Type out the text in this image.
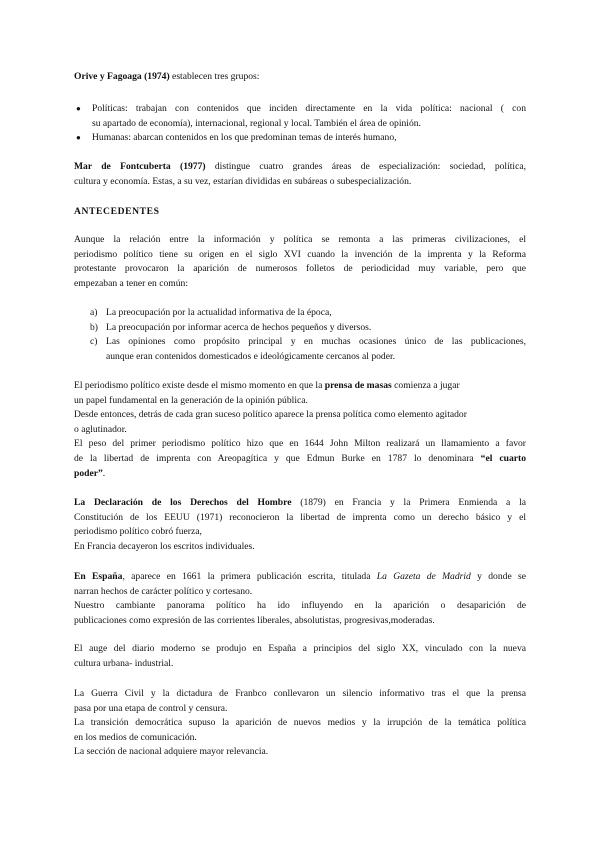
Orive y Fagoaga (1974) establecen tres grupos:
● Políticas: trabajan con contenidos que inciden directamente en la vida política: nacional ( con
su apartado de economía), internacional, regional y local. También el área de opinión.
● Humanas: abarcan contenidos en los que predominan temas de interés humano,
Mar de Fontcuberta (1977) distingue cuatro grandes áreas de especialización: sociedad, política,
cultura y economía. Estas, a su vez, estarían divididas en subáreas o subespecialización.
ANTECEDENTES
Aunque la relación entre la información y política se remonta a las primeras civilizaciones, el
periodismo político tiene su origen en el siglo XVI cuando la invención de la imprenta y la Reforma
protestante provocaron la aparición de numerosos folletos de periodicidad muy variable, pero que
empezaban a tener en común:
a) La preocupación por la actualidad informativa de la época,
b) La preocupación por informar acerca de hechos pequeños y diversos.
c) Las opiniones como propósito principal y en muchas ocasiones único de las publicaciones,
aunque eran contenidos domesticados e ideológicamente cercanos al poder.
El periodismo político existe desde el mismo momento en que la prensa de masas comienza a jugar
un papel fundamental en la generación de la opinión pública.
Desde entonces, detrás de cada gran suceso político aparece la prensa política como elemento agitador
o aglutinador.
El peso del primer periodismo político hizo que en 1644 John Milton realizará un llamamiento a favor
de la libertad de imprenta con Areopagítica y que Edmun Burke en 1787 lo denominara “el cuarto
poder”.
La Declaración de los Derechos del Hombre (1879) en Francia y la Primera Enmienda a la
Constitución de los EEUU (1971) reconocieron la libertad de imprenta como un derecho básico y el
periodismo político cobró fuerza,
En Francia decayeron los escritos individuales.
En España, aparece en 1661 la primera publicación escrita, titulada La Gazeta de Madrid y donde se
narran hechos de carácter político y cortesano.
Nuestro cambiante panorama político ha ido influyendo en la aparición o desaparición de
publicaciones como expresión de las corrientes liberales, absolutistas, progresivas,moderadas.
El auge del diario moderno se produjo en España a principios del siglo XX, vinculado con la nueva
cultura urbana- industrial.
La Guerra Civil y la dictadura de Franbco conllevaron un silencio informativo tras el que la prensa
pasa por una etapa de control y censura.
La transición democrática supuso la aparición de nuevos medios y la irrupción de la temática política
en los medios de comunicación.
La sección de nacional adquiere mayor relevancia.
